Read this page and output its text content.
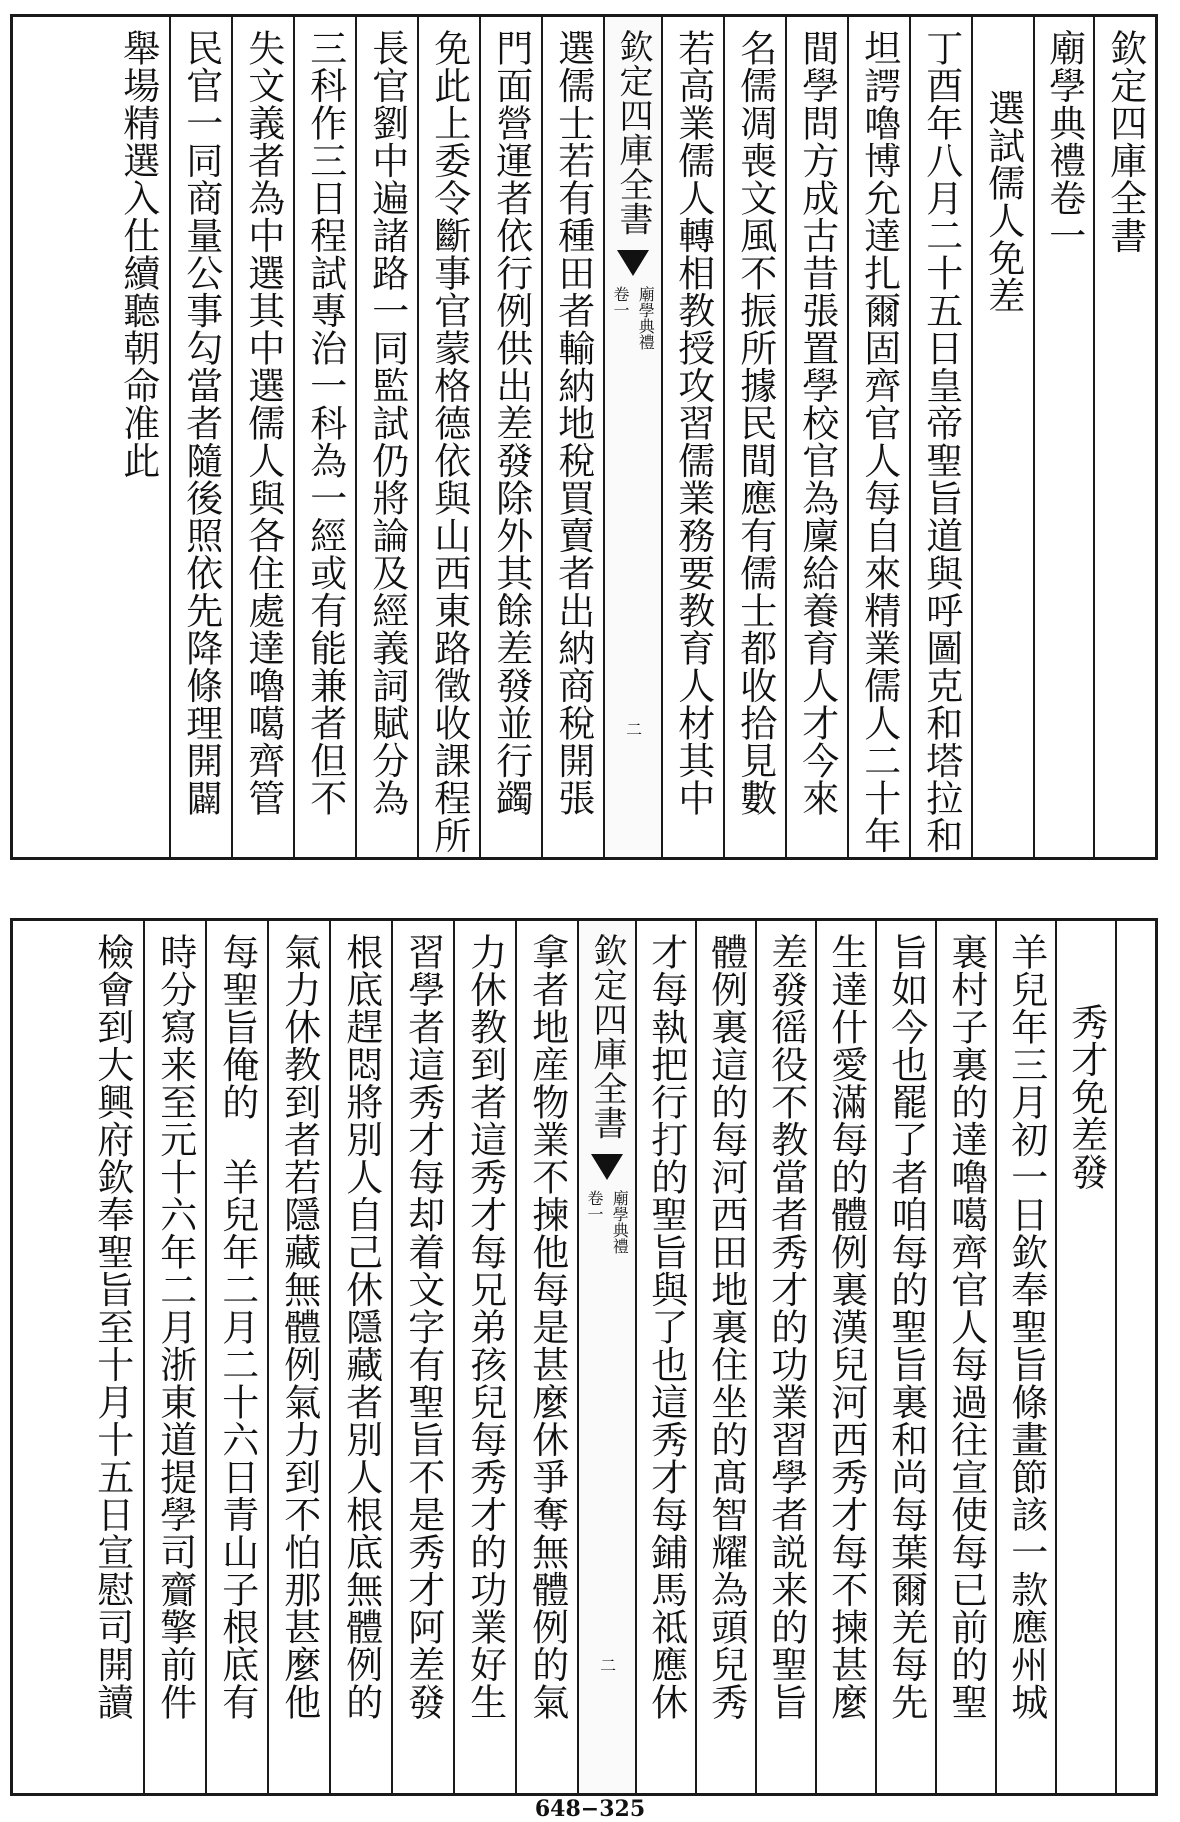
欽定四庫全書
廟學典禮卷一
選試儒人免差
丁酉年八月二十五日皇帝聖旨道與呼圖克和塔拉和
坦諤嚕博允達扎爾固齊官人每自來精業儒人二十年
間學問方成古昔張置學校官為廩給養育人才今來
名儒凋喪文風不振所據民間應有儒士都收拾見數
若高業儒人轉相教授攻習儒業務要教育人材其中
欽定四庫全書
廟學典禮
卷一
二
選儒士若有種田者輸納地稅買賣者出納商稅開張
門面營運者依行例供出差發除外其餘差發並行蠲
免此上委令斷事官蒙格德依與山西東路徵收課程所
長官劉中遍諸路一同監試仍將論及經義詞賦分為
三科作三日程試專治一科為一經或有能兼者但不
失文義者為中選其中選儒人與各住處達嚕噶齊管
民官一同商量公事勾當者隨後照依先降條理開闢
舉場精選入仕續聽朝命准此
秀才免差發
羊兒年三月初一日欽奉聖旨條畫節該一款應州城
裏村子裏的達嚕噶齊官人每過往宣使每已前的聖
旨如今也罷了者咱每的聖旨裏和尚每葉爾羌每先
生達什愛滿每的體例裏漢兒河西秀才每不揀甚麼
差發徭役不教當者秀才的功業習學者説来的聖旨
體例裏這的每河西田地裏住坐的髙智耀為頭兒秀
才每執把行打的聖旨與了也這秀才每鋪馬祗應休
欽定四庫全書
廟學典禮
卷一
二
拿者地産物業不揀他每是甚麼休爭奪無體例的氣
力休教到者這秀才每兄弟孩兒每秀才的功業好生
習學者這秀才每却着文字有聖旨不是秀才阿差發
根底趕悶將別人自己休隱藏者別人根底無體例的
氣力休教到者若隱藏無體例氣力到不怕那甚麼他
每聖旨俺的　羊兒年二月二十六日青山子根底有
時分寫来至元十六年二月浙東道提學司齎擎前件
檢會到大興府欽奉聖旨至十月十五日宣慰司開讀
648−325
